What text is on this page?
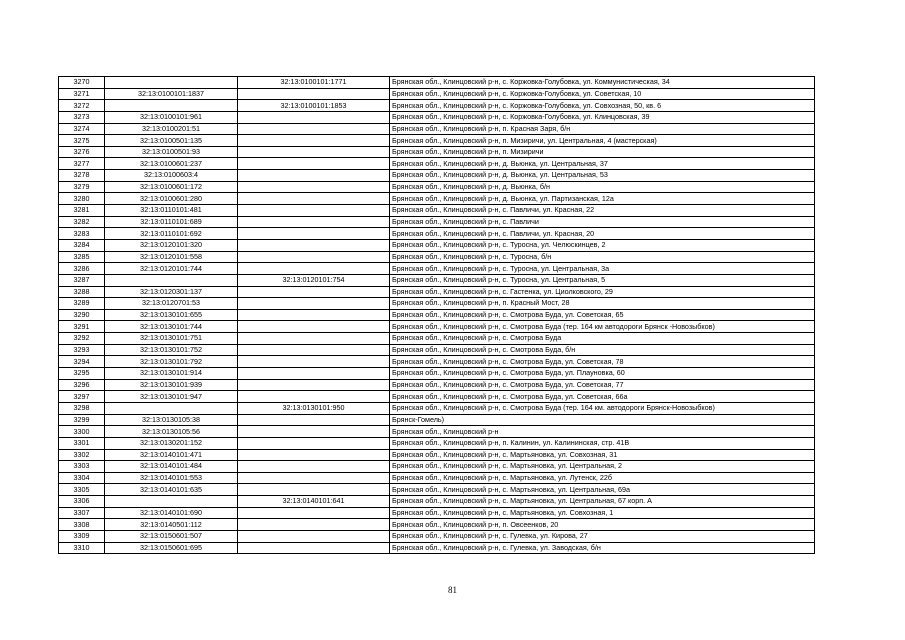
3270		32:13:0100101:1771	Брянская обл., Клинцовский р-н, с. Коржовка-Голубовка, ул. Коммунистическая, 34
3271	32:13:0100101:1837		Брянская обл., Клинцовский р-н, с. Коржовка-Голубовка, ул. Советская, 10
3272		32:13:0100101:1853	Брянская обл., Клинцовский р-н, с. Коржовка-Голубовка, ул. Совхозная, 50, кв. 6
3273	32:13:0100101:961		Брянская обл., Клинцовский р-н, с. Коржовка-Голубовка, ул. Клинцовская, 39
3274	32:13:0100201:51		Брянская обл., Клинцовский р-н, п. Красная Заря, б/н
3275	32:13:0100501:135		Брянская обл., Клинцовский р-н, п. Мизиричи, ул. Центральная, 4 (мастерская)
3276	32:13:0100501:93		Брянская обл., Клинцовский р-н, п. Мизиричи
3277	32:13:0100601:237		Брянская обл., Клинцовский р-н, д. Вьюнка, ул. Центральная, 37
3278	32:13:0100603:4		Брянская обл., Клинцовский р-н, д. Вьюнка, ул. Центральная, 53
3279	32:13:0100601:172		Брянская обл., Клинцовский р-н, д. Вьюнка, б/н
3280	32:13:0100601:280		Брянская обл., Клинцовский р-н, д. Вьюнка, ул. Партизанская, 12а
3281	32:13:0110101:481		Брянская обл., Клинцовский р-н, с. Павличи, ул. Красная, 22
3282	32:13:0110101:689		Брянская обл., Клинцовский р-н, с. Павличи
3283	32:13:0110101:692		Брянская обл., Клинцовский р-н, с. Павличи, ул. Красная, 20
3284	32:13:0120101:320		Брянская обл., Клинцовский р-н, с. Туросна, ул. Челюскинцев, 2
3285	32:13:0120101:558		Брянская обл., Клинцовский р-н, с. Туросна, б/н
3286	32:13:0120101:744		Брянская обл., Клинцовский р-н, с. Туросна, ул. Центральная, 3а
3287		32:13:0120101:754	Брянская обл., Клинцовский р-н, с. Туросна, ул. Центральная, 5
3288	32:13:0120301:137		Брянская обл., Клинцовский р-н, с. Гастенка, ул. Циолковского, 29
3289	32:13:0120701:53		Брянская обл., Клинцовский р-н, п. Красный Мост, 28
3290	32:13:0130101:655		Брянская обл., Клинцовский р-н, с. Смотрова Буда, ул. Советская, 65
3291	32:13:0130101:744		Брянская обл., Клинцовский р-н, с. Смотрова Буда (тер. 164 км автодороги Брянск -Новозыбков)
3292	32:13:0130101:751		Брянская обл., Клинцовский р-н, с. Смотрова Буда
3293	32:13:0130101:752		Брянская обл., Клинцовский р-н, с. Смотрова Буда, б/н
3294	32:13:0130101:792		Брянская обл., Клинцовский р-н, с. Смотрова Буда, ул. Советская, 78
3295	32:13:0130101:914		Брянская обл., Клинцовский р-н, с. Смотрова Буда, ул. Плауновка, 60
3296	32:13:0130101:939		Брянская обл., Клинцовский р-н, с. Смотрова Буда, ул. Советская, 77
3297	32:13:0130101:947		Брянская обл., Клинцовский р-н, с. Смотрова Буда, ул. Советская, 66а
3298		32:13:0130101:950	Брянская обл., Клинцовский р-н, с. Смотрова Буда (тер. 164 км. автодороги Брянск-Новозыбков)
3299	32:13:0130105:38		Брянск-Гомель)
3300	32:13:0130105:56		Брянская обл., Клинцовский р-н
3301	32:13:0130201:152		Брянская обл., Клинцовский р-н, п. Калинин, ул. Калининская, стр. 41В
3302	32:13:0140101:471		Брянская обл., Клинцовский р-н, с. Мартьяновка, ул. Совхозная, 31
3303	32:13:0140101:484		Брянская обл., Клинцовский р-н, с. Мартьяновка, ул. Центральная, 2
3304	32:13:0140101:553		Брянская обл., Клинцовский р-н, с. Мартьяновка, ул. Лутенск, 22б
3305	32:13:0140101:635		Брянская обл., Клинцовский р-н, с. Мартьяновка, ул. Центральная, 69а
3306		32:13:0140101:641	Брянская обл., Клинцовский р-н, с. Мартьяновка, ул. Центральная, 67 корп. А
3307	32:13:0140101:690		Брянская обл., Клинцовский р-н, с. Мартьяновка, ул. Совхозная, 1
3308	32:13:0140501:112		Брянская обл., Клинцовский р-н, п. Овсеенков, 20
3309	32:13:0150601:507		Брянская обл., Клинцовский р-н, с. Гулевка, ул. Кирова, 27
3310	32:13:0150601:695		Брянская обл., Клинцовский р-н, с. Гулевка, ул. Заводская, б/н
81
